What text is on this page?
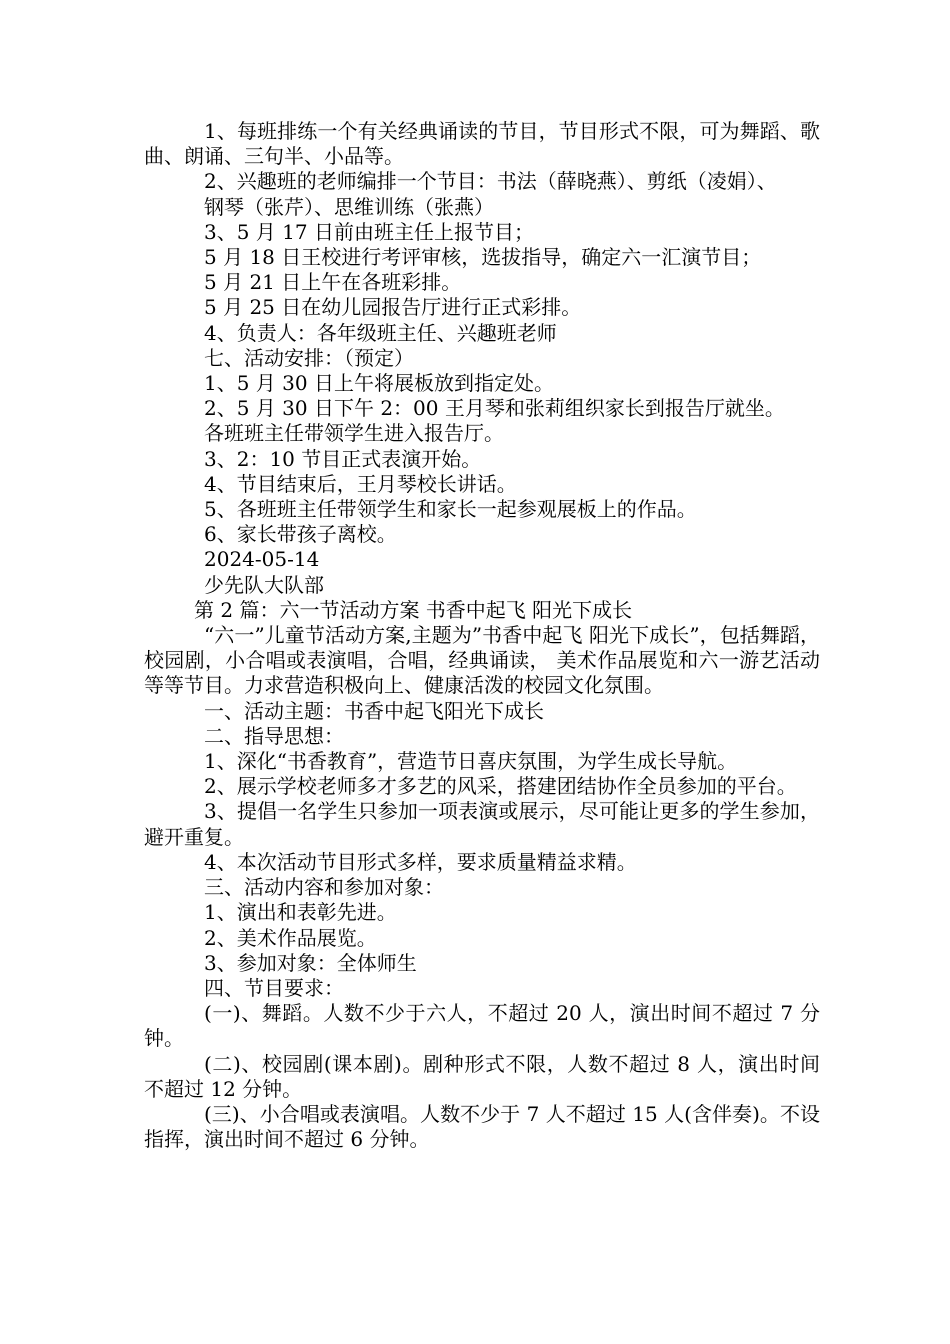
1、每班排练一个有关经典诵读的节目，节目形式不限，可为舞蹈、歌曲、朗诵、三句半、小品等。

2、兴趣班的老师编排一个节目：书法（薛晓燕）、剪纸（凌娟）、

钢琴（张芹）、思维训练（张燕）

3、5 月 17 日前由班主任上报节目；

5 月 18 日王校进行考评审核，选拔指导，确定六一汇演节目；

5 月 21 日上午在各班彩排。

5 月 25 日在幼儿园报告厅进行正式彩排。

4、负责人：各年级班主任、兴趣班老师

七、活动安排：（预定）

1、5 月 30 日上午将展板放到指定处。

2、5 月 30 日下午 2：00 王月琴和张莉组织家长到报告厅就坐。

各班班主任带领学生进入报告厅。

3、2：10 节目正式表演开始。

4、节目结束后，王月琴校长讲话。

5、各班班主任带领学生和家长一起参观展板上的作品。

6、家长带孩子离校。

2024-05-14

少先队大队部

第 2 篇：六一节活动方案 书香中起飞 阳光下成长

“六一”儿童节活动方案,主题为”书香中起飞 阳光下成长”，包括舞蹈，校园剧，小合唱或表演唱，合唱，经典诵读， 美术作品展览和六一游艺活动等等节目。力求营造积极向上、健康活泼的校园文化氛围。

一、活动主题：书香中起飞阳光下成长

二、指导思想：

1、深化“书香教育”，营造节日喜庆氛围，为学生成长导航。

2、展示学校老师多才多艺的风采，搭建团结协作全员参加的平台。

3、提倡一名学生只参加一项表演或展示，尽可能让更多的学生参加，避开重复。

4、本次活动节目形式多样，要求质量精益求精。

三、活动内容和参加对象：

1、演出和表彰先进。

2、美术作品展览。

3、参加对象：全体师生

四、节目要求：

(一)、舞蹈。人数不少于六人，不超过 20 人，演出时间不超过 7 分钟。

(二)、校园剧(课本剧)。剧种形式不限，人数不超过 8 人，演出时间不超过 12 分钟。

(三)、小合唱或表演唱。人数不少于 7 人不超过 15 人(含伴奏)。不设指挥，演出时间不超过 6 分钟。
